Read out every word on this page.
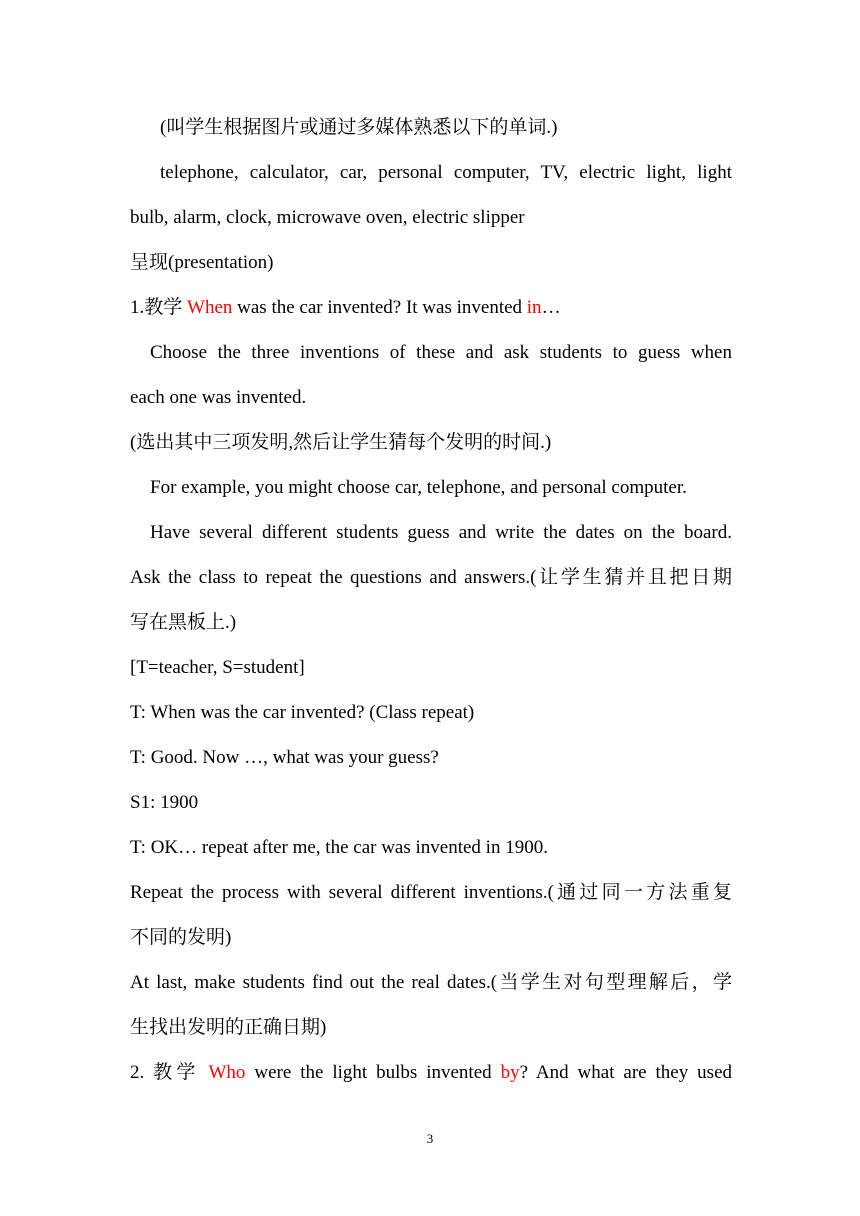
(叫学生根据图片或通过多媒体熟悉以下的单词.)
telephone, calculator, car, personal computer, TV, electric light, light
bulb, alarm, clock, microwave oven, electric slipper
呈现(presentation)
1.教学 When was the car invented? It was invented in…
Choose the three inventions of these and ask students to guess when
each one was invented.
(选出其中三项发明,然后让学生猜每个发明的时间.)
For example, you might choose car, telephone, and personal computer.
Have several different students guess and write the dates on the board.
Ask the class to repeat the questions and answers.(让学生猜并且把日期
写在黑板上.)
[T=teacher, S=student]
T: When was the car invented? (Class repeat)
T: Good. Now …, what was your guess?
S1: 1900
T: OK… repeat after me, the car was invented in 1900.
Repeat the process with several different inventions.(通过同一方法重复
不同的发明)
At last, make students find out the real dates.(当学生对句型理解后，学
生找出发明的正确日期)
2. 教学 Who were the light bulbs invented by? And what are they used
3
